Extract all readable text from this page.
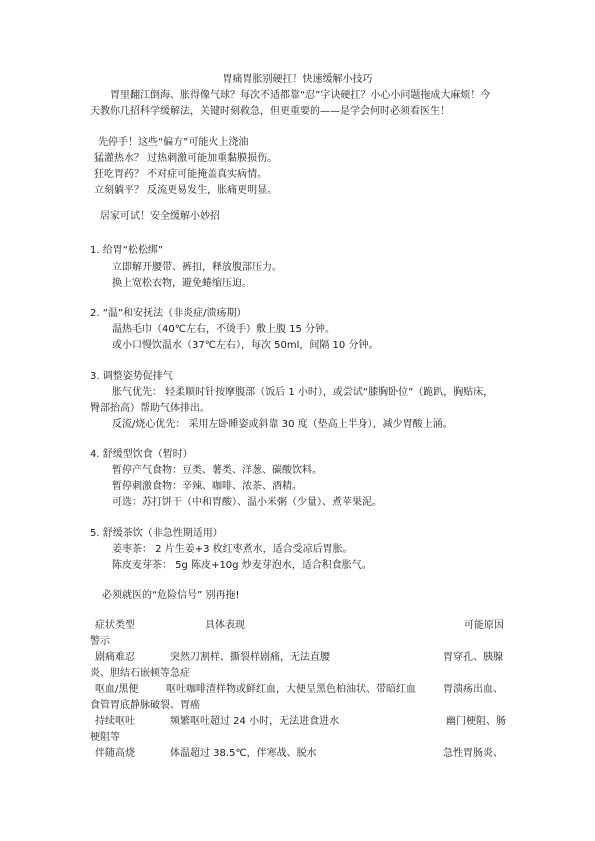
胃痛胃胀别硬扛！快速缓解小技巧
胃里翻江倒海、胀得像气球？每次不适都靠“忍”字诀硬扛？小心小问题拖成大麻烦！今
天教你几招科学缓解法，关键时刻救急，但更重要的——是学会何时必须看医生！
先停手！这些“偏方”可能火上浇油
猛灌热水？ 过热刺激可能加重黏膜损伤。
狂吃胃药？ 不对症可能掩盖真实病情。
立刻躺平？ 反流更易发生，胀痛更明显。
居家可试！安全缓解小妙招
1. 给胃“松松绑”
立即解开腰带、裤扣，释放腹部压力。
换上宽松衣物，避免蜷缩压迫。
2. “温”和安抚法（非炎症/溃疡期）
温热毛巾（40℃左右，不烫手）敷上腹 15 分钟。
或小口慢饮温水（37℃左右），每次 50ml，间隔 10 分钟。
3. 调整姿势促排气
胀气优先： 轻柔顺时针按摩腹部（饭后 1 小时），或尝试“膝胸卧位”（跪趴，胸贴床，
臀部抬高）帮助气体排出。
反流/烧心优先： 采用左卧睡姿或斜靠 30 度（垫高上半身），减少胃酸上涌。
4. 舒缓型饮食（暂时）
暂停产气食物：豆类、薯类、洋葱、碳酸饮料。
暂停刺激食物：辛辣、咖啡、浓茶、酒精。
可选：苏打饼干（中和胃酸）、温小米粥（少量）、煮苹果泥。
5. 舒缓茶饮（非急性期适用）
姜枣茶： 2 片生姜+3 枚红枣煮水，适合受凉后胃胀。
陈皮麦芽茶： 5g 陈皮+10g 炒麦芽泡水，适合积食胀气。
必须就医的“危险信号” 别再拖!
症状类型	具体表现	可能原因
警示
剧痛难忍	突然刀割样、撕裂样剧痛，无法直腰	胃穿孔、胰腺
炎、胆结石嵌顿等急症
呕血/黑便	呕吐咖啡渣样物或鲜红血，大便呈黑色柏油状、带暗红血	胃溃疡出血、
食管胃底静脉破裂、胃癌
持续呕吐	频繁呕吐超过 24 小时，无法进食进水	幽门梗阻、肠
梗阻等
伴随高烧	体温超过 38.5℃，伴寒战、脱水	急性胃肠炎、
